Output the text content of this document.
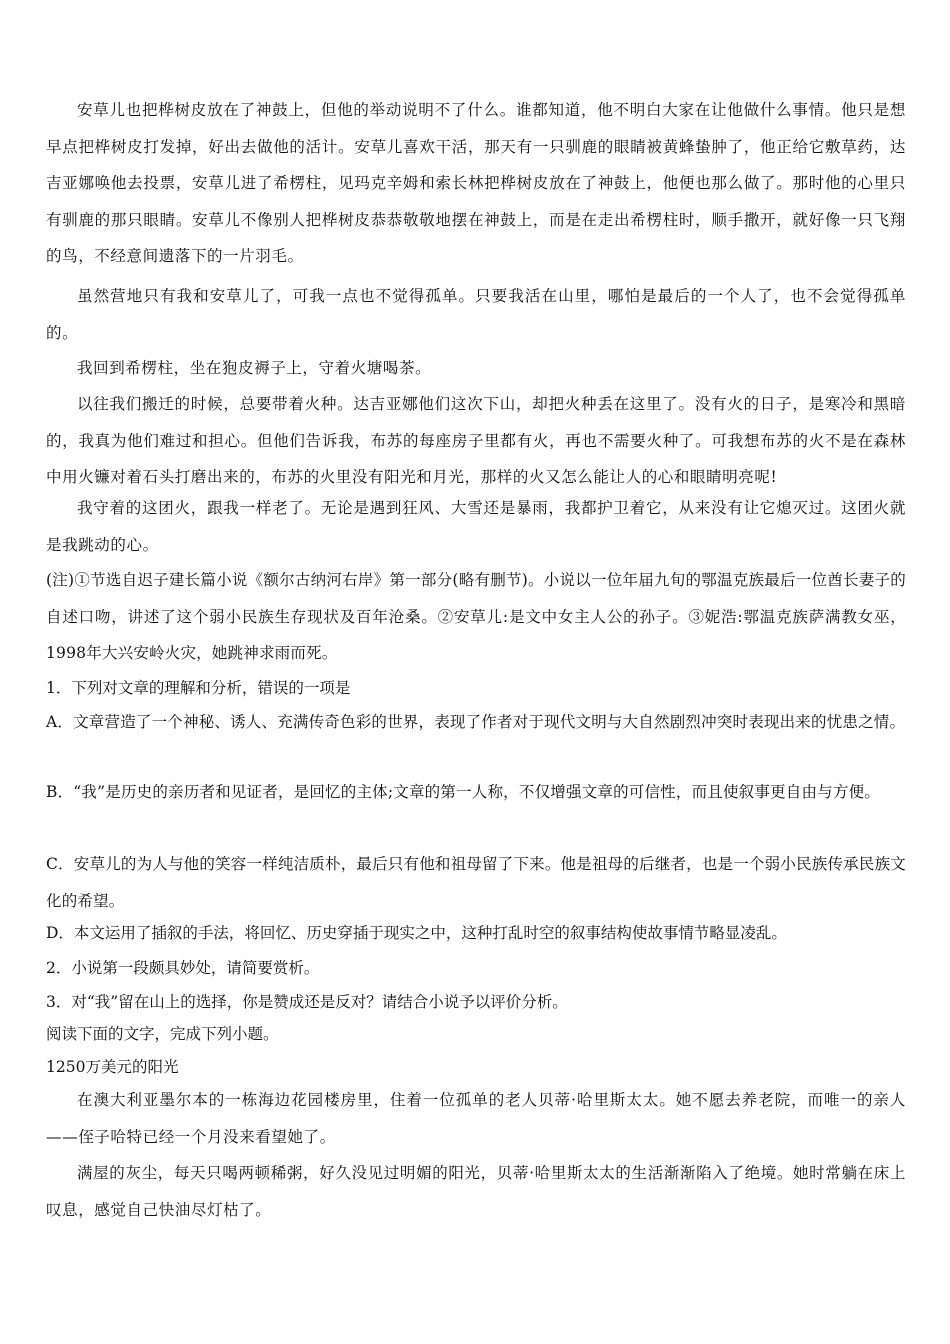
安草儿也把桦树皮放在了神鼓上，但他的举动说明不了什么。谁都知道，他不明白大家在让他做什么事情。他只是想早点把桦树皮打发掉，好出去做他的活计。安草儿喜欢干活，那天有一只驯鹿的眼睛被黄蜂蛰肿了，他正给它敷草药，达吉亚娜唤他去投票，安草儿进了希楞柱，见玛克辛姆和索长林把桦树皮放在了神鼓上，他便也那么做了。那时他的心里只有驯鹿的那只眼睛。安草儿不像别人把桦树皮恭恭敬敬地摆在神鼓上，而是在走出希楞柱时，顺手撒开，就好像一只飞翔的鸟，不经意间遗落下的一片羽毛。

虽然营地只有我和安草儿了，可我一点也不觉得孤单。只要我活在山里，哪怕是最后的一个人了，也不会觉得孤单的。

我回到希楞柱，坐在狍皮褥子上，守着火塘喝茶。

以往我们搬迁的时候，总要带着火种。达吉亚娜他们这次下山，却把火种丢在这里了。没有火的日子，是寒冷和黑暗的，我真为他们难过和担心。但他们告诉我，布苏的每座房子里都有火，再也不需要火种了。可我想布苏的火不是在森林中用火镰对着石头打磨出来的，布苏的火里没有阳光和月光，那样的火又怎么能让人的心和眼睛明亮呢!

我守着的这团火，跟我一样老了。无论是遇到狂风、大雪还是暴雨，我都护卫着它，从来没有让它熄灭过。这团火就是我跳动的心。

(注)①节选自迟子建长篇小说《额尔古纳河右岸》第一部分(略有删节)。小说以一位年届九旬的鄂温克族最后一位酋长妻子的自述口吻，讲述了这个弱小民族生存现状及百年沧桑。②安草儿:是文中女主人公的孙子。③妮浩:鄂温克族萨满教女巫，1998年大兴安岭火灾，她跳神求雨而死。

1．下列对文章的理解和分析，错误的一项是

A．文章营造了一个神秘、诱人、充满传奇色彩的世界，表现了作者对于现代文明与大自然剧烈冲突时表现出来的忧患之情。

B．“我”是历史的亲历者和见证者，是回忆的主体;文章的第一人称，不仅增强文章的可信性，而且使叙事更自由与方便。

C．安草儿的为人与他的笑容一样纯洁质朴，最后只有他和祖母留了下来。他是祖母的后继者，也是一个弱小民族传承民族文化的希望。

D．本文运用了插叙的手法，将回忆、历史穿插于现实之中，这种打乱时空的叙事结构使故事情节略显凌乱。

2．小说第一段颇具妙处，请简要赏析。

3．对“我”留在山上的选择，你是赞成还是反对？请结合小说予以评价分析。

阅读下面的文字，完成下列小题。

1250万美元的阳光

在澳大利亚墨尔本的一栋海边花园楼房里，住着一位孤单的老人贝蒂·哈里斯太太。她不愿去养老院，而唯一的亲人——侄子哈特已经一个月没来看望她了。

满屋的灰尘，每天只喝两顿稀粥，好久没见过明媚的阳光，贝蒂·哈里斯太太的生活渐渐陷入了绝境。她时常躺在床上叹息，感觉自己快油尽灯枯了。
